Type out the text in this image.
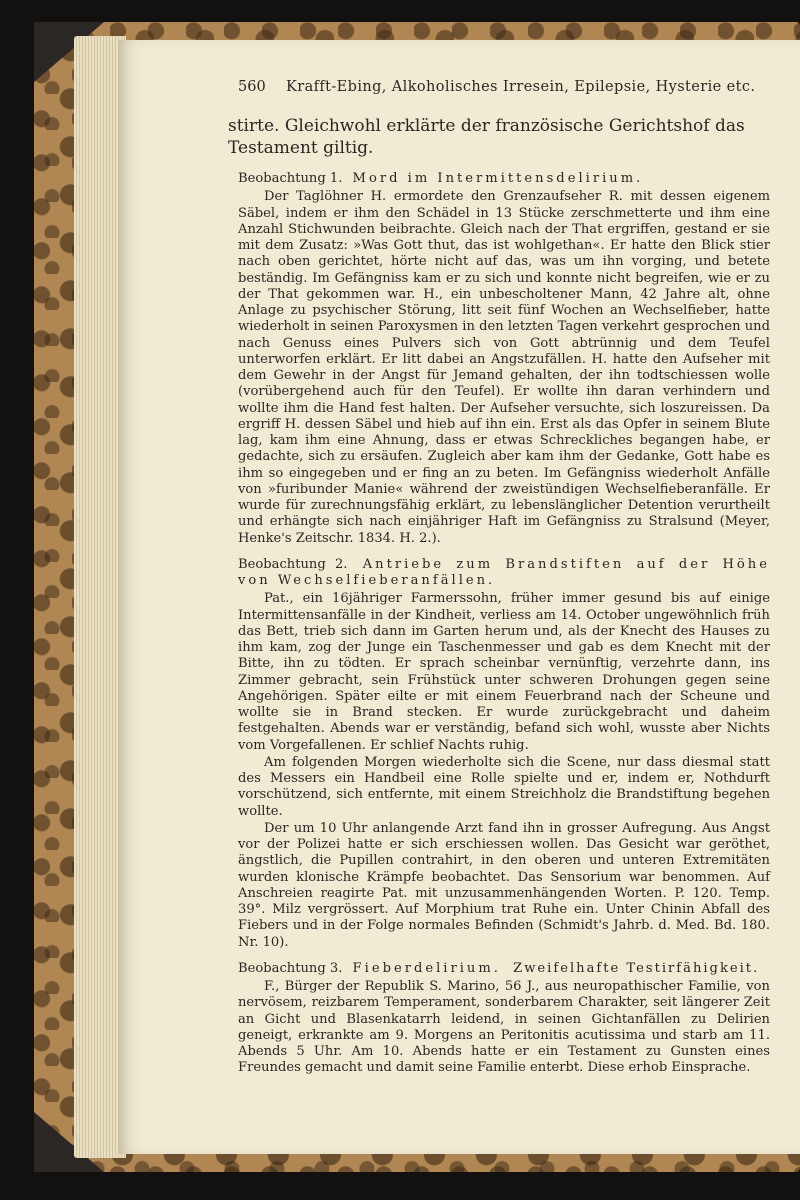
560	Krafft-Ebing, Alkoholisches Irresein, Epilepsie, Hysterie etc.
stirte. Gleichwohl erklärte der französische Gerichtshof das Testament giltig.
Beobachtung 1. Mord im Intermittensdelirium.

Der Taglöhner H. ermordete den Grenzaufseher R. mit dessen eigenem Säbel, indem er ihm den Schädel in 13 Stücke zerschmetterte und ihm eine Anzahl Stichwunden beibrachte. Gleich nach der That ergriffen, gestand er sie mit dem Zusatz: »Was Gott thut, das ist wohlgethan«. Er hatte den Blick stier nach oben gerichtet, hörte nicht auf das, was um ihn vorging, und betete beständig. Im Gefängniss kam er zu sich und konnte nicht begreifen, wie er zu der That gekommen war. H., ein unbescholtener Mann, 42 Jahre alt, ohne Anlage zu psychischer Störung, litt seit fünf Wochen an Wechselfieber, hatte wiederholt in seinen Paroxysmen in den letzten Tagen verkehrt gesprochen und nach Genuss eines Pulvers sich von Gott abtrünnig und dem Teufel unterworfen erklärt. Er litt dabei an Angstzufällen. H. hatte den Aufseher mit dem Gewehr in der Angst für Jemand gehalten, der ihn todtschiessen wolle (vorübergehend auch für den Teufel). Er wollte ihn daran verhindern und wollte ihm die Hand fest halten. Der Aufseher versuchte, sich loszureissen. Da ergriff H. dessen Säbel und hieb auf ihn ein. Erst als das Opfer in seinem Blute lag, kam ihm eine Ahnung, dass er etwas Schreckliches begangen habe, er gedachte, sich zu ersäufen. Zugleich aber kam ihm der Gedanke, Gott habe es ihm so eingegeben und er fing an zu beten. Im Gefängniss wiederholt Anfälle von »furibunder Manie« während der zweistündigen Wechselfieberanfälle. Er wurde für zurechnungsfähig erklärt, zu lebenslänglicher Detention verurtheilt und erhängte sich nach einjähriger Haft im Gefängniss zu Stralsund (Meyer, Henke's Zeitschr. 1834. H. 2.).

Beobachtung 2. Antriebe zum Brandstiften auf der Höhe von Wechselfieberanfällen.

Pat., ein 16jähriger Farmerssohn, früher immer gesund bis auf einige Intermittensanfälle in der Kindheit, verliess am 14. October ungewöhnlich früh das Bett, trieb sich dann im Garten herum und, als der Knecht des Hauses zu ihm kam, zog der Junge ein Taschenmesser und gab es dem Knecht mit der Bitte, ihn zu tödten. Er sprach scheinbar vernünftig, verzehrte dann, ins Zimmer gebracht, sein Frühstück unter schweren Drohungen gegen seine Angehörigen. Später eilte er mit einem Feuerbrand nach der Scheune und wollte sie in Brand stecken. Er wurde zurückgebracht und daheim festgehalten. Abends war er verständig, befand sich wohl, wusste aber Nichts vom Vorgefallenen. Er schlief Nachts ruhig.

Am folgenden Morgen wiederholte sich die Scene, nur dass diesmal statt des Messers ein Handbeil eine Rolle spielte und er, indem er, Nothdurft vorschützend, sich entfernte, mit einem Streichholz die Brandstiftung begehen wollte.

Der um 10 Uhr anlangende Arzt fand ihn in grosser Aufregung. Aus Angst vor der Polizei hatte er sich erschiessen wollen. Das Gesicht war geröthet, ängstlich, die Pupillen contrahirt, in den oberen und unteren Extremitäten wurden klonische Krämpfe beobachtet. Das Sensorium war benommen. Auf Anschreien reagirte Pat. mit unzusammenhängenden Worten. P. 120. Temp. 39°. Milz vergrössert. Auf Morphium trat Ruhe ein. Unter Chinin Abfall des Fiebers und in der Folge normales Befinden (Schmidt's Jahrb. d. Med. Bd. 180. Nr. 10).

Beobachtung 3. Fieberdelirium. Zweifelhafte Testirfähigkeit.

F., Bürger der Republik S. Marino, 56 J., aus neuropathischer Familie, von nervösem, reizbarem Temperament, sonderbarem Charakter, seit längerer Zeit an Gicht und Blasenkatarrh leidend, in seinen Gichtanfällen zu Delirien geneigt, erkrankte am 9. Morgens an Peritonitis acutissima und starb am 11. Abends 5 Uhr. Am 10. Abends hatte er ein Testament zu Gunsten eines Freundes gemacht und damit seine Familie enterbt. Diese erhob Einsprache.
